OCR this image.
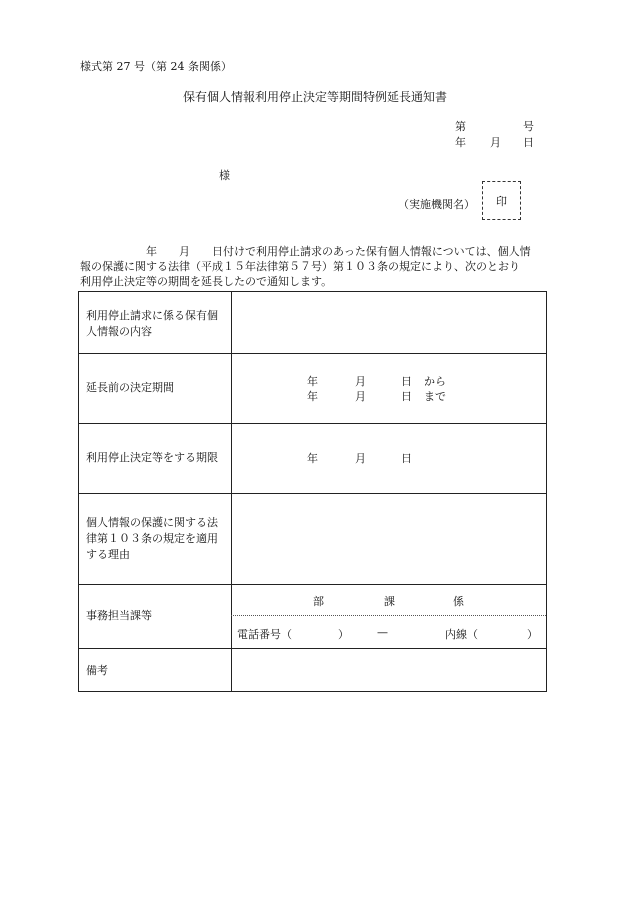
様式第 27 号（第 24 条関係）
保有個人情報利用停止決定等期間特例延長通知書
第	号
年 月 日
様
（実施機関名） 印
　　　　　　年　　月　　日付けで利用停止請求のあった保有個人情報については、個人情
報の保護に関する法律（平成１５年法律第５７号）第１０３条の規定により、次のとおり
利用停止決定等の期間を延長したので通知します。
利用停止請求に係る保有個人情報の内容
延長前の決定期間	年	月	日 から
年	月	日 まで
利用停止決定等をする期限	年	月	日
個人情報の保護に関する法律第１０３条の規定を適用する理由
事務担当課等
部	課	係
電話番号（	）	—	内線（	）
備考
